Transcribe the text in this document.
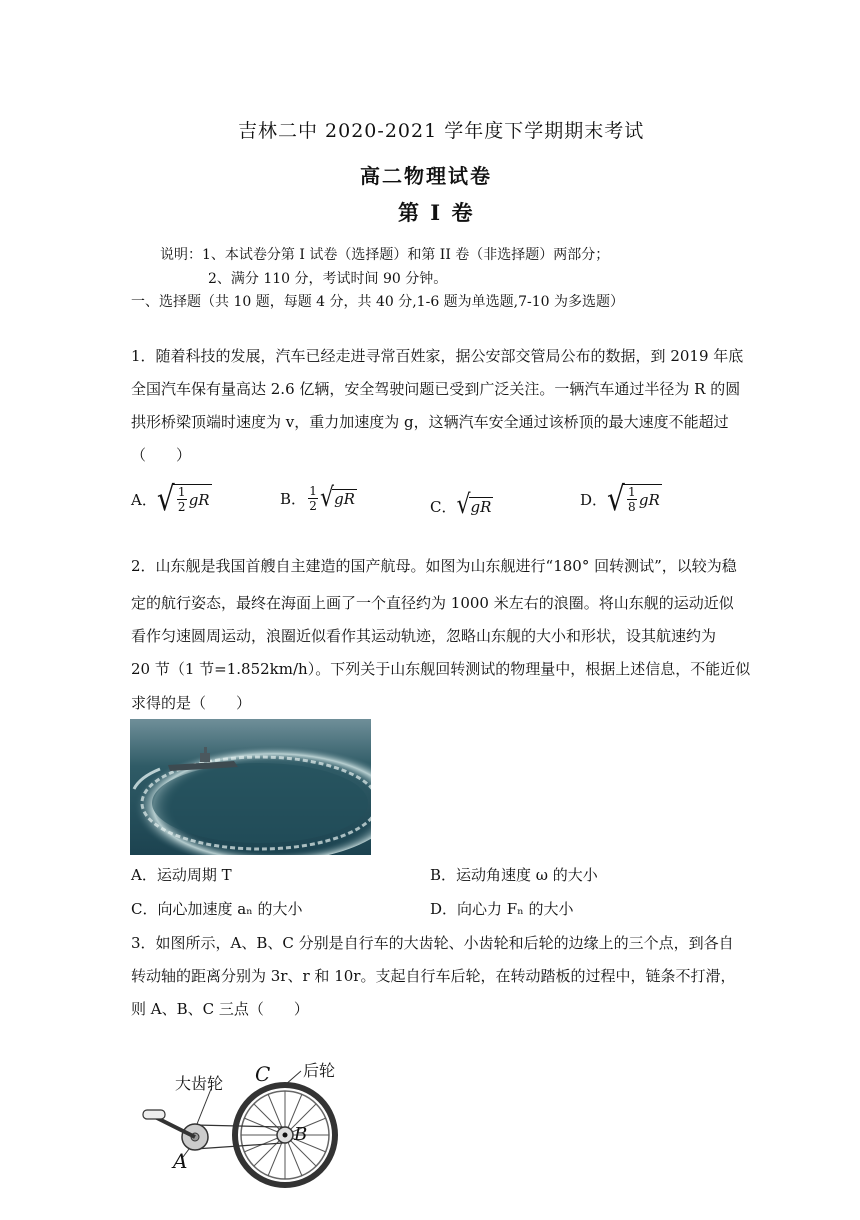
吉林二中 2020-2021 学年度下学期期末考试
高二物理试卷
第 I 卷
说明：1、本试卷分第 I 试卷（选择题）和第 II 卷（非选择题）两部分；
2、满分 110 分，考试时间 90 分钟。
一、选择题（共 10 题，每题 4 分，共 40 分,1-6 题为单选题,7-10 为多选题）
1．随着科技的发展，汽车已经走进寻常百姓家，据公安部交管局公布的数据，到 2019 年底
全国汽车保有量高达 2.6 亿辆，安全驾驶问题已受到广泛关注。一辆汽车通过半径为 R 的圆
拱形桥梁顶端时速度为 v，重力加速度为 g，这辆汽车安全通过该桥顶的最大速度不能超过
（　　）
A． √ $\frac{1}{2}$ gR	B． $\frac{1}{2}$ √ gR	C． √ gR	D． √ $\frac{1}{8}$ gR
2．山东舰是我国首艘自主建造的国产航母。如图为山东舰进行“180° 回转测试”，以较为稳
定的航行姿态，最终在海面上画了一个直径约为 1000 米左右的浪圈。将山东舰的运动近似
看作匀速圆周运动，浪圈近似看作其运动轨迹，忽略山东舰的大小和形状，设其航速约为
20 节（1 节=1.852km/h）。下列关于山东舰回转测试的物理量中，根据上述信息，不能近似
求得的是（　　）
A．运动周期 T	B．运动角速度 ω 的大小
C．向心加速度 aₙ 的大小	D．向心力 Fₙ 的大小
3．如图所示，A、B、C 分别是自行车的大齿轮、小齿轮和后轮的边缘上的三个点，到各自
转动轴的距离分别为 3r、r 和 10r。支起自行车后轮，在转动踏板的过程中，链条不打滑，
则 A、B、C 三点（　　）
大齿轮
后轮
C
B
A
